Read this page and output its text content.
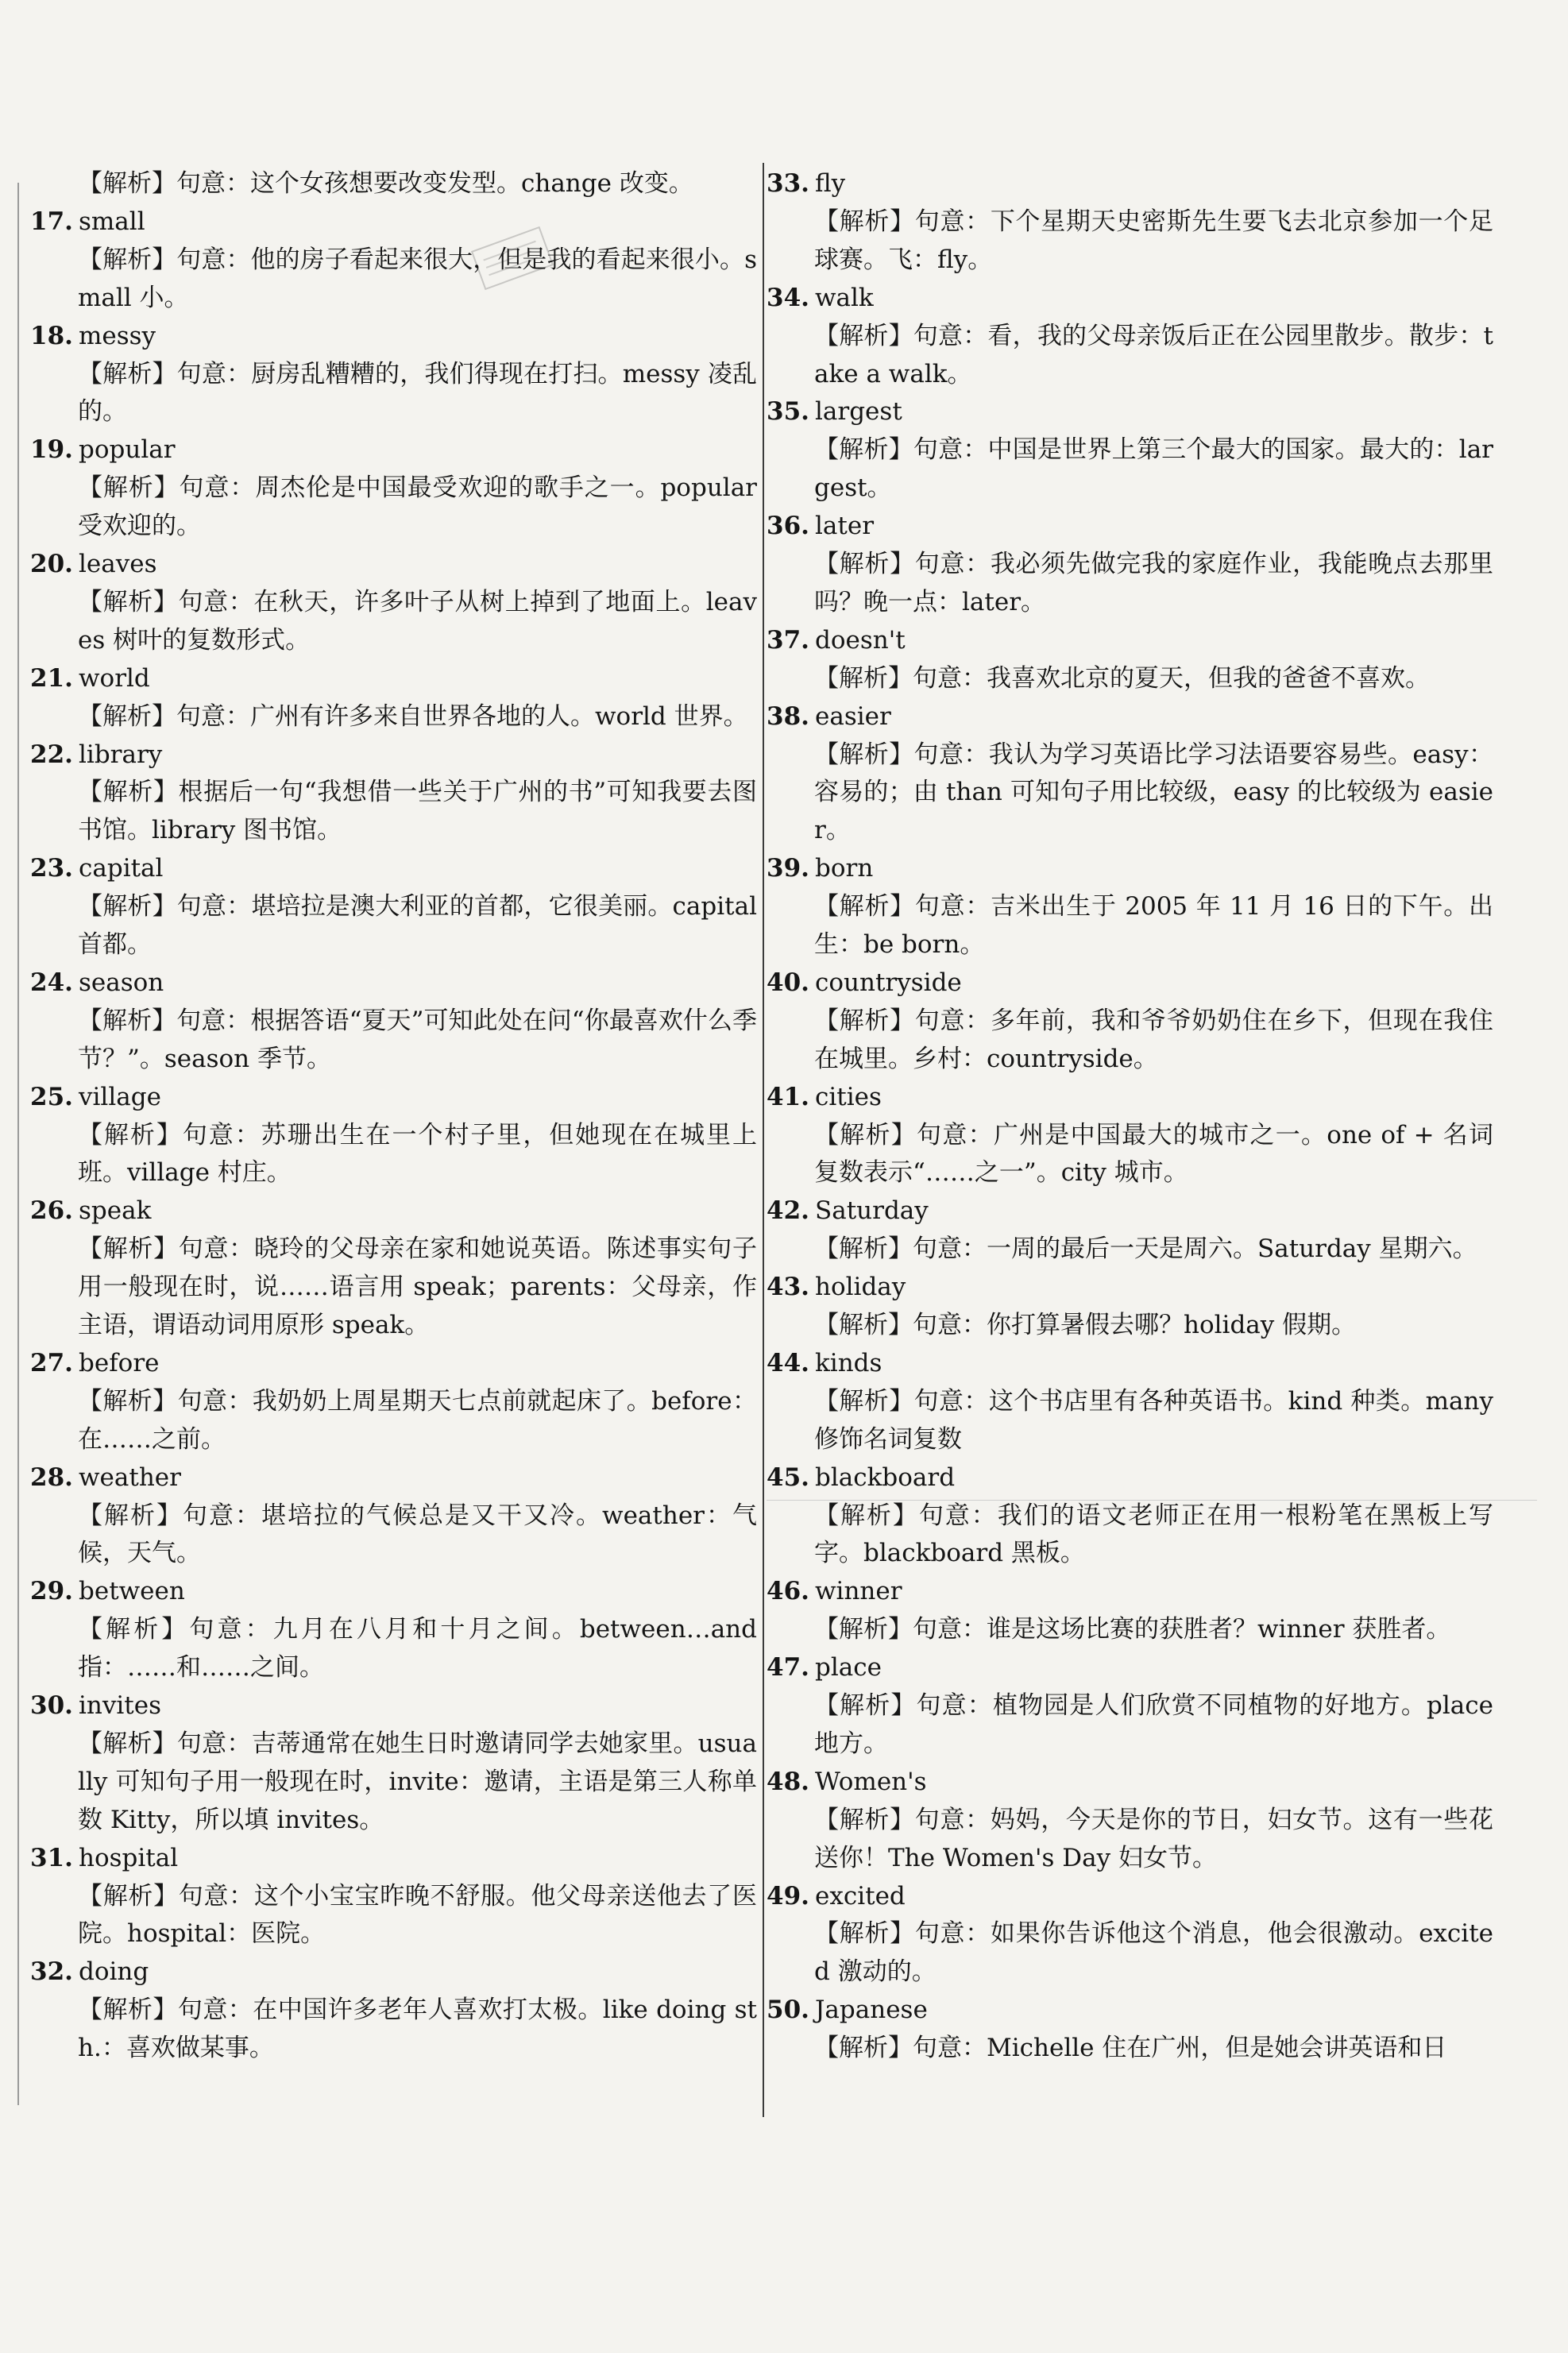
【解析】句意：这个女孩想要改变发型。change 改变。
17. small
【解析】句意：他的房子看起来很大，但是我的看起来很小。small 小。
18. messy
【解析】句意：厨房乱糟糟的，我们得现在打扫。messy 凌乱的。
19. popular
【解析】句意：周杰伦是中国最受欢迎的歌手之一。popular 受欢迎的。
20. leaves
【解析】句意：在秋天，许多叶子从树上掉到了地面上。leaves 树叶的复数形式。
21. world
【解析】句意：广州有许多来自世界各地的人。world 世界。
22. library
【解析】根据后一句“我想借一些关于广州的书”可知我要去图书馆。library 图书馆。
23. capital
【解析】句意：堪培拉是澳大利亚的首都，它很美丽。capital 首都。
24. season
【解析】句意：根据答语“夏天”可知此处在问“你最喜欢什么季节？”。season 季节。
25. village
【解析】句意：苏珊出生在一个村子里，但她现在在城里上班。village 村庄。
26. speak
【解析】句意：晓玲的父母亲在家和她说英语。陈述事实句子用一般现在时，说……语言用 speak；parents：父母亲，作主语，谓语动词用原形 speak。
27. before
【解析】句意：我奶奶上周星期天七点前就起床了。before：在……之前。
28. weather
【解析】句意：堪培拉的气候总是又干又冷。weather：气候，天气。
29. between
【解析】句意：九月在八月和十月之间。between…and 指：……和……之间。
30. invites
【解析】句意：吉蒂通常在她生日时邀请同学去她家里。usually 可知句子用一般现在时，invite：邀请，主语是第三人称单数 Kitty，所以填 invites。
31. hospital
【解析】句意：这个小宝宝昨晚不舒服。他父母亲送他去了医院。hospital：医院。
32. doing
【解析】句意：在中国许多老年人喜欢打太极。like doing sth.：喜欢做某事。
33. fly
【解析】句意：下个星期天史密斯先生要飞去北京参加一个足球赛。飞：fly。
34. walk
【解析】句意：看，我的父母亲饭后正在公园里散步。散步：take a walk。
35. largest
【解析】句意：中国是世界上第三个最大的国家。最大的：largest。
36. later
【解析】句意：我必须先做完我的家庭作业，我能晚点去那里吗？晚一点：later。
37. doesn't
【解析】句意：我喜欢北京的夏天，但我的爸爸不喜欢。
38. easier
【解析】句意：我认为学习英语比学习法语要容易些。easy：容易的；由 than 可知句子用比较级，easy 的比较级为 easier。
39. born
【解析】句意：吉米出生于 2005 年 11 月 16 日的下午。出生：be born。
40. countryside
【解析】句意：多年前，我和爷爷奶奶住在乡下，但现在我住在城里。乡村：countryside。
41. cities
【解析】句意：广州是中国最大的城市之一。one of + 名词复数表示“……之一”。city 城市。
42. Saturday
【解析】句意：一周的最后一天是周六。Saturday 星期六。
43. holiday
【解析】句意：你打算暑假去哪？holiday 假期。
44. kinds
【解析】句意：这个书店里有各种英语书。kind 种类。many 修饰名词复数
45. blackboard
【解析】句意：我们的语文老师正在用一根粉笔在黑板上写字。blackboard 黑板。
46. winner
【解析】句意：谁是这场比赛的获胜者？winner 获胜者。
47. place
【解析】句意：植物园是人们欣赏不同植物的好地方。place 地方。
48. Women's
【解析】句意：妈妈，今天是你的节日，妇女节。这有一些花送你！The Women's Day 妇女节。
49. excited
【解析】句意：如果你告诉他这个消息，他会很激动。excited 激动的。
50. Japanese
【解析】句意：Michelle 住在广州，但是她会讲英语和日
